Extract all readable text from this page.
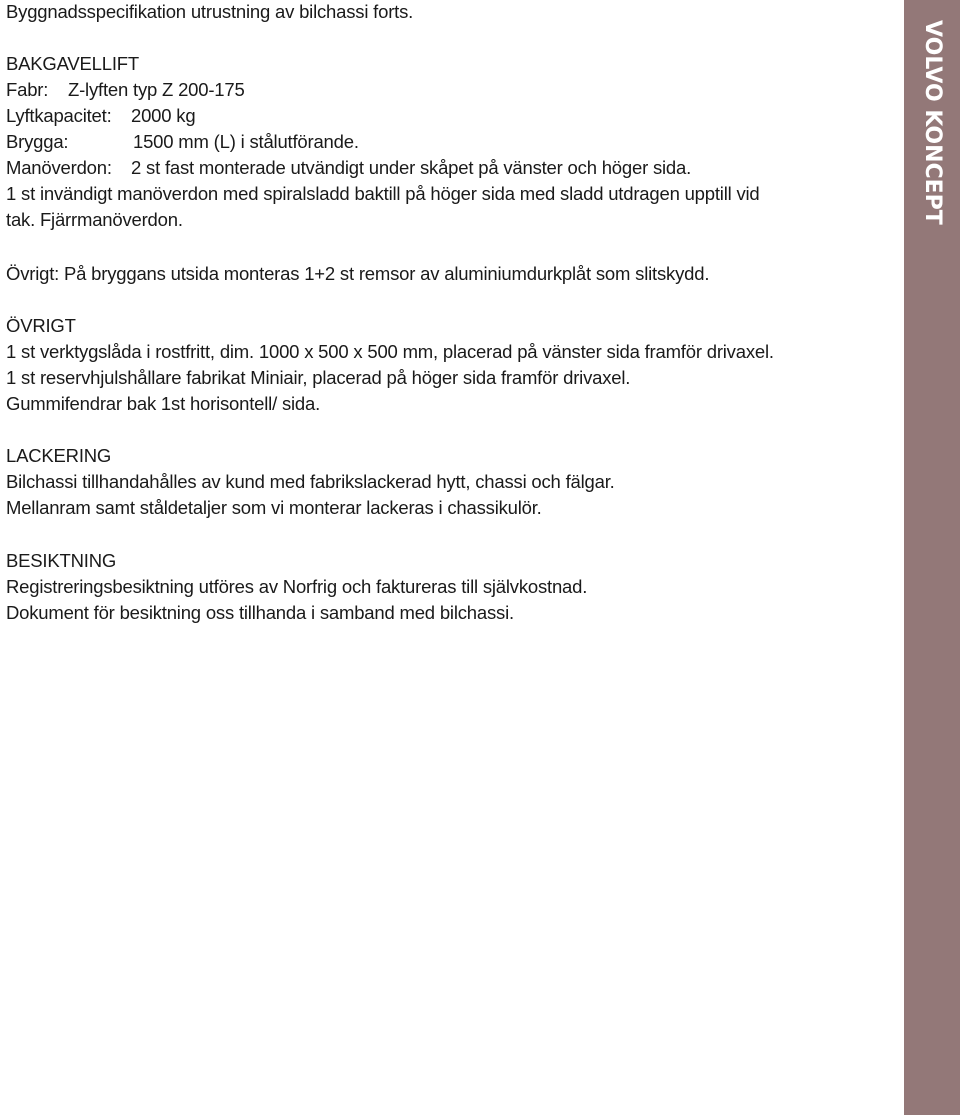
Byggnadsspecifikation utrustning av bilchassi forts.
BAKGAVELLIFT
Fabr:	Z-lyften typ Z 200-175
Lyftkapacitet:	2000 kg
Brygga:	1500 mm (L) i stålutförande.
Manöverdon:	2 st fast monterade utvändigt under skåpet på vänster och höger sida.
1 st invändigt manöverdon med spiralsladd baktill på höger sida med sladd utdragen upptill vid
tak. Fjärrmanöverdon.
Övrigt: På bryggans utsida monteras 1+2 st remsor av aluminiumdurkplåt som slitskydd.
ÖVRIGT
1 st verktygslåda i rostfritt, dim. 1000 x 500 x 500 mm, placerad på vänster sida framför drivaxel.
1 st reservhjulshållare fabrikat Miniair, placerad på höger sida framför drivaxel.
Gummifendrar bak 1st horisontell/ sida.
LACKERING
Bilchassi tillhandahålles av kund med fabrikslackerad hytt, chassi och fälgar.
Mellanram samt ståldetaljer som vi monterar lackeras i chassikulör.
BESIKTNING
Registreringsbesiktning utföres av Norfrig och faktureras till självkostnad.
Dokument för besiktning oss tillhanda i samband med bilchassi.
VOLVO KONCEPT
